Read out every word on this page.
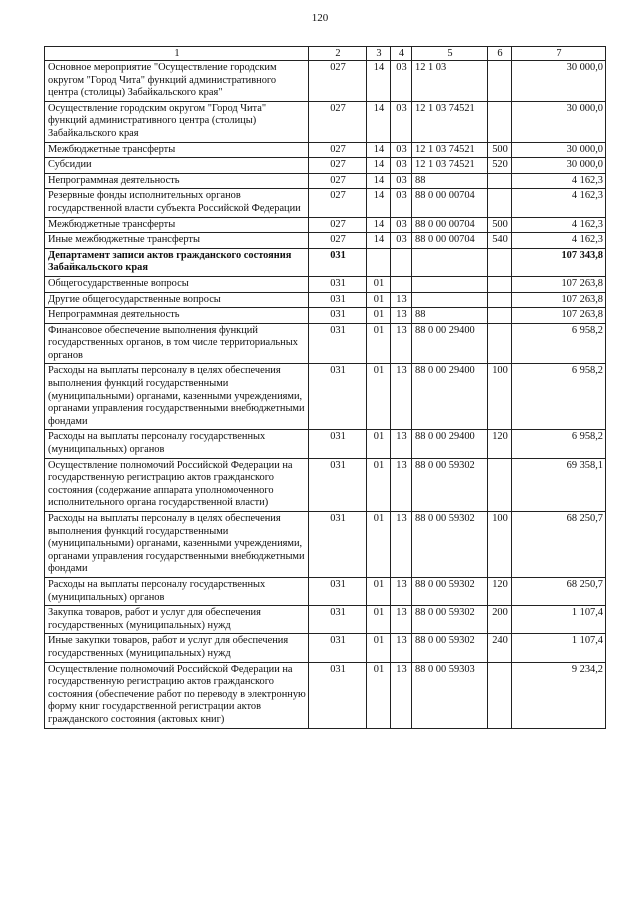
120
1	2	3	4	5	6	7
Основное мероприятие "Осуществление городским округом "Город Чита" функций административного центра (столицы) Забайкальского края"	027	14	03	12 1 03		30 000,0
Осуществление городским округом "Город Чита" функций административного центра (столицы) Забайкальского края	027	14	03	12 1 03 74521		30 000,0
Межбюджетные трансферты	027	14	03	12 1 03 74521	500	30 000,0
Субсидии	027	14	03	12 1 03 74521	520	30 000,0
Непрограммная деятельность	027	14	03	88		4 162,3
Резервные фонды исполнительных органов государственной власти субъекта Российской Федерации	027	14	03	88 0 00 00704		4 162,3
Межбюджетные трансферты	027	14	03	88 0 00 00704	500	4 162,3
Иные межбюджетные трансферты	027	14	03	88 0 00 00704	540	4 162,3
Департамент записи актов гражданского состояния Забайкальского края	031					107 343,8
Общегосударственные вопросы	031	01				107 263,8
Другие общегосударственные вопросы	031	01	13			107 263,8
Непрограммная деятельность	031	01	13	88		107 263,8
Финансовое обеспечение выполнения функций государственных органов, в том числе территориальных органов	031	01	13	88 0 00 29400		6 958,2
Расходы на выплаты персоналу в целях обеспечения выполнения функций государственными (муниципальными) органами, казенными учреждениями, органами управления государственными внебюджетными фондами	031	01	13	88 0 00 29400	100	6 958,2
Расходы на выплаты персоналу государственных (муниципальных) органов	031	01	13	88 0 00 29400	120	6 958,2
Осуществление полномочий Российской Федерации на государственную регистрацию актов гражданского состояния (содержание аппарата уполномоченного исполнительного органа государственной власти)	031	01	13	88 0 00 59302		69 358,1
Расходы на выплаты персоналу в целях обеспечения выполнения функций государственными (муниципальными) органами, казенными учреждениями, органами управления государственными внебюджетными фондами	031	01	13	88 0 00 59302	100	68 250,7
Расходы на выплаты персоналу государственных (муниципальных) органов	031	01	13	88 0 00 59302	120	68 250,7
Закупка товаров, работ и услуг для обеспечения государственных (муниципальных) нужд	031	01	13	88 0 00 59302	200	1 107,4
Иные закупки товаров, работ и услуг для обеспечения государственных (муниципальных) нужд	031	01	13	88 0 00 59302	240	1 107,4
Осуществление полномочий Российской Федерации на государственную регистрацию актов гражданского состояния (обеспечение работ по переводу в электронную форму книг государственной регистрации актов гражданского состояния (актовых книг)	031	01	13	88 0 00 59303		9 234,2
